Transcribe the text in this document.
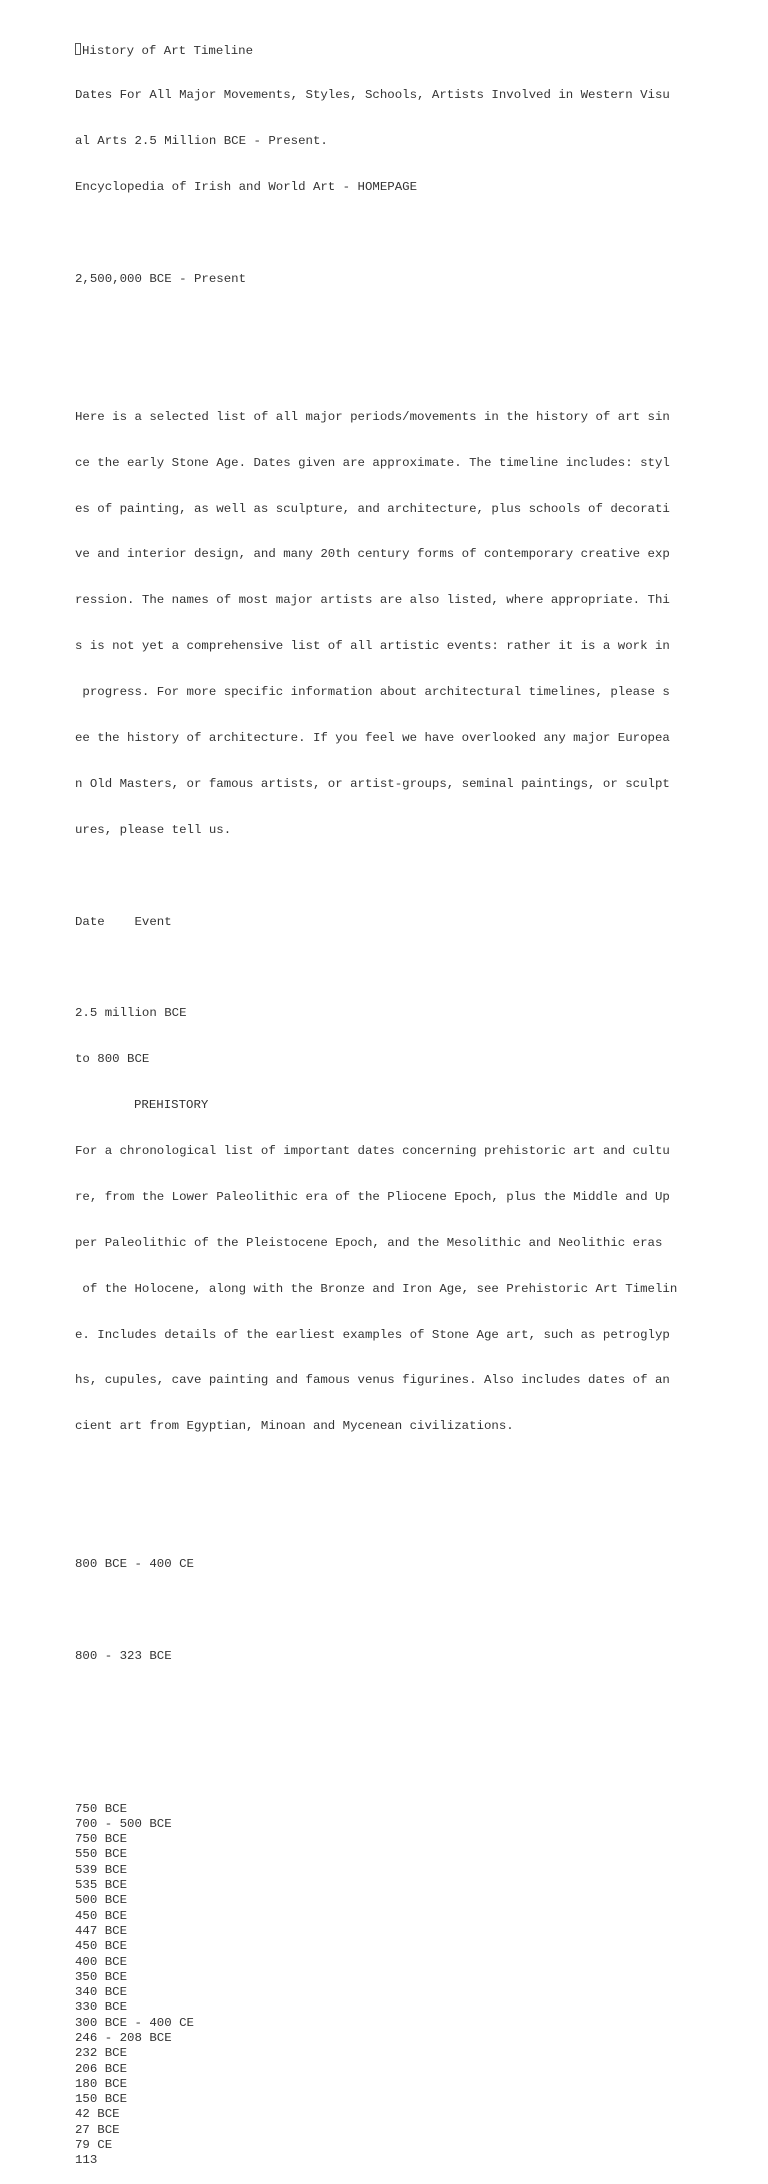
History of Art Timeline

Dates For All Major Movements, Styles, Schools, Artists Involved in Western Visu

al Arts 2.5 Million BCE - Present.

Encyclopedia of Irish and World Art - HOMEPAGE

2,500,000 BCE - Present

Here is a selected list of all major periods/movements in the history of art sin

ce the early Stone Age. Dates given are approximate. The timeline includes: styl

es of painting, as well as sculpture, and architecture, plus schools of decorati

ve and interior design, and many 20th century forms of contemporary creative exp

ression. The names of most major artists are also listed, where appropriate. Thi

s is not yet a comprehensive list of all artistic events: rather it is a work in

progress. For more specific information about architectural timelines, please s

ee the history of architecture. If you feel we have overlooked any major Europea

n Old Masters, or famous artists, or artist-groups, seminal paintings, or sculpt

ures, please tell us.

Date Event

2.5 million BCE

to 800 BCE

PREHISTORY

For a chronological list of important dates concerning prehistoric art and cultu

re, from the Lower Paleolithic era of the Pliocene Epoch, plus the Middle and Up

per Paleolithic of the Pleistocene Epoch, and the Mesolithic and Neolithic eras

of the Holocene, along with the Bronze and Iron Age, see Prehistoric Art Timelin

e. Includes details of the earliest examples of Stone Age art, such as petroglyp

hs, cupules, cave painting and famous venus figurines. Also includes dates of an

cient art from Egyptian, Minoan and Mycenean civilizations.

800 BCE - 400 CE

800 - 323 BCE

750 BCE
700 - 500 BCE
750 BCE
550 BCE
539 BCE
535 BCE
500 BCE
450 BCE
447 BCE
450 BCE
400 BCE
350 BCE
340 BCE
330 BCE
300 BCE - 400 CE
246 - 208 BCE
232 BCE
206 BCE
180 BCE
150 BCE
42 BCE
27 BCE
79 CE
113
